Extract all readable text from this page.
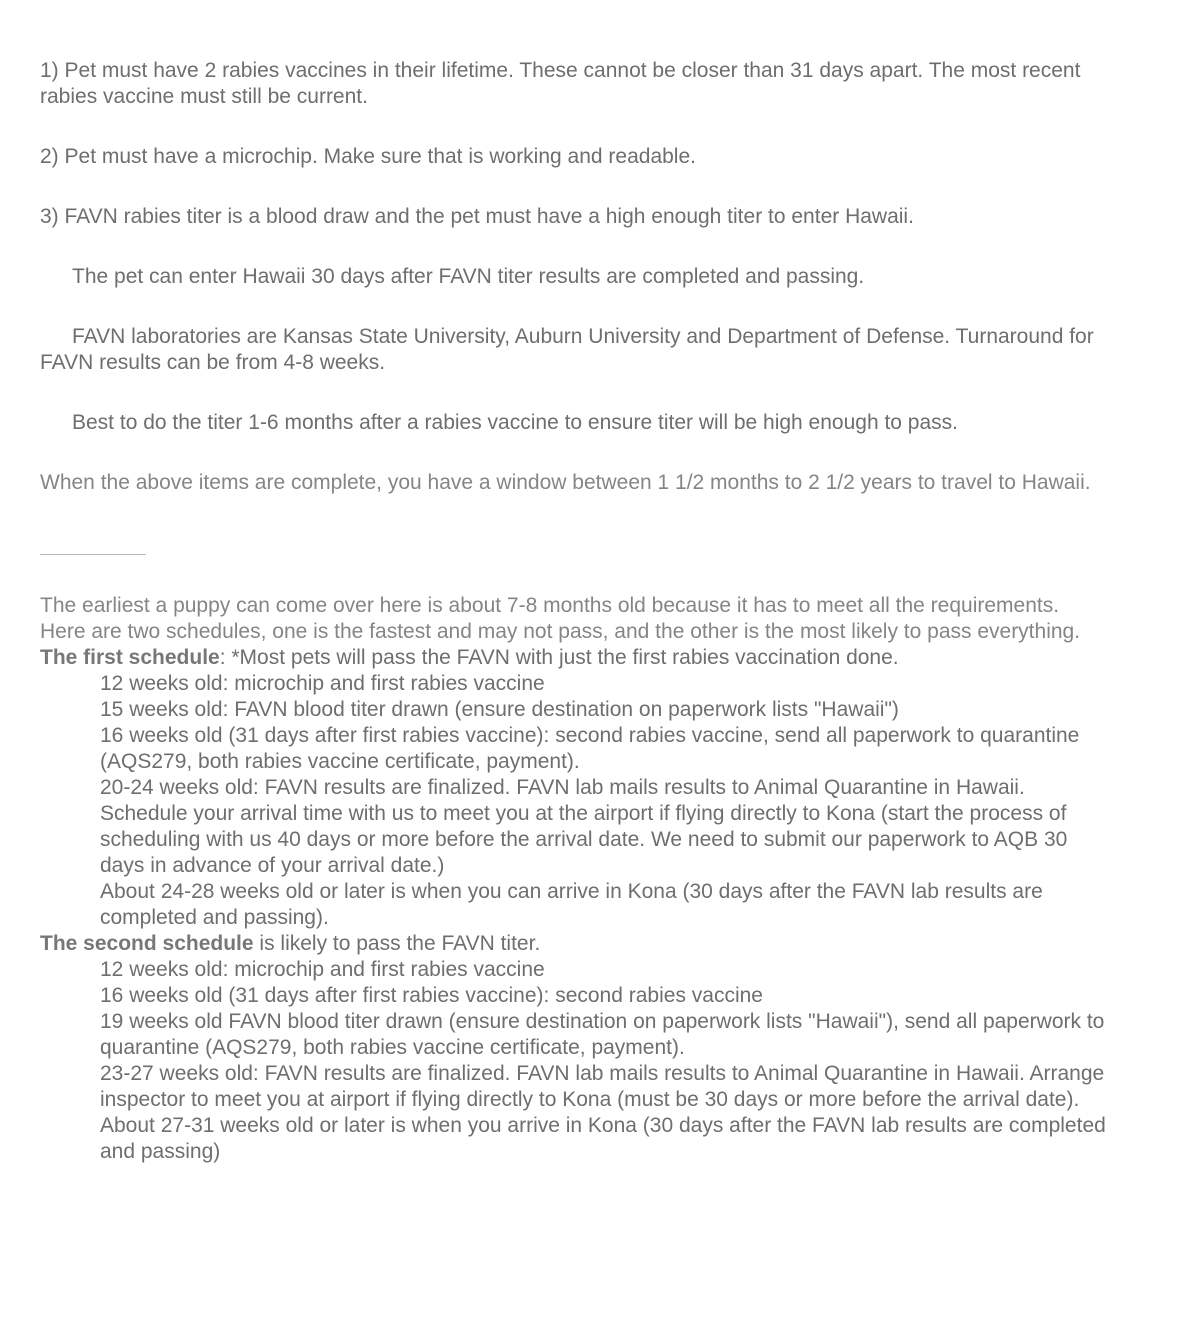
1) Pet must have 2 rabies vaccines in their lifetime. These cannot be closer than 31 days apart. The most recent rabies vaccine must still be current.

2) Pet must have a microchip. Make sure that is working and readable.

3) FAVN rabies titer is a blood draw and the pet must have a high enough titer to enter Hawaii.

The pet can enter Hawaii 30 days after FAVN titer results are completed and passing.

FAVN laboratories are Kansas State University, Auburn University and Department of Defense. Turnaround for FAVN results can be from 4-8 weeks.

Best to do the titer 1-6 months after a rabies vaccine to ensure titer will be high enough to pass.

When the above items are complete, you have a window between 1 1/2 months to 2 1/2 years to travel to Hawaii.

The earliest a puppy can come over here is about 7-8 months old because it has to meet all the requirements.

Here are two schedules, one is the fastest and may not pass, and the other is the most likely to pass everything.

The first schedule: *Most pets will pass the FAVN with just the first rabies vaccination done.

12 weeks old: microchip and first rabies vaccine

15 weeks old: FAVN blood titer drawn (ensure destination on paperwork lists "Hawaii")

16 weeks old (31 days after first rabies vaccine): second rabies vaccine, send all paperwork to quarantine (AQS279, both rabies vaccine certificate, payment).

20-24 weeks old: FAVN results are finalized. FAVN lab mails results to Animal Quarantine in Hawaii. Schedule your arrival time with us to meet you at the airport if flying directly to Kona (start the process of scheduling with us 40 days or more before the arrival date. We need to submit our paperwork to AQB 30 days in advance of your arrival date.)

About 24-28 weeks old or later is when you can arrive in Kona (30 days after the FAVN lab results are completed and passing).

The second schedule is likely to pass the FAVN titer.

12 weeks old: microchip and first rabies vaccine

16 weeks old (31 days after first rabies vaccine): second rabies vaccine

19 weeks old FAVN blood titer drawn (ensure destination on paperwork lists "Hawaii"), send all paperwork to quarantine (AQS279, both rabies vaccine certificate, payment).

23-27 weeks old: FAVN results are finalized. FAVN lab mails results to Animal Quarantine in Hawaii. Arrange inspector to meet you at airport if flying directly to Kona (must be 30 days or more before the arrival date).

About 27-31 weeks old or later is when you arrive in Kona (30 days after the FAVN lab results are completed and passing)
